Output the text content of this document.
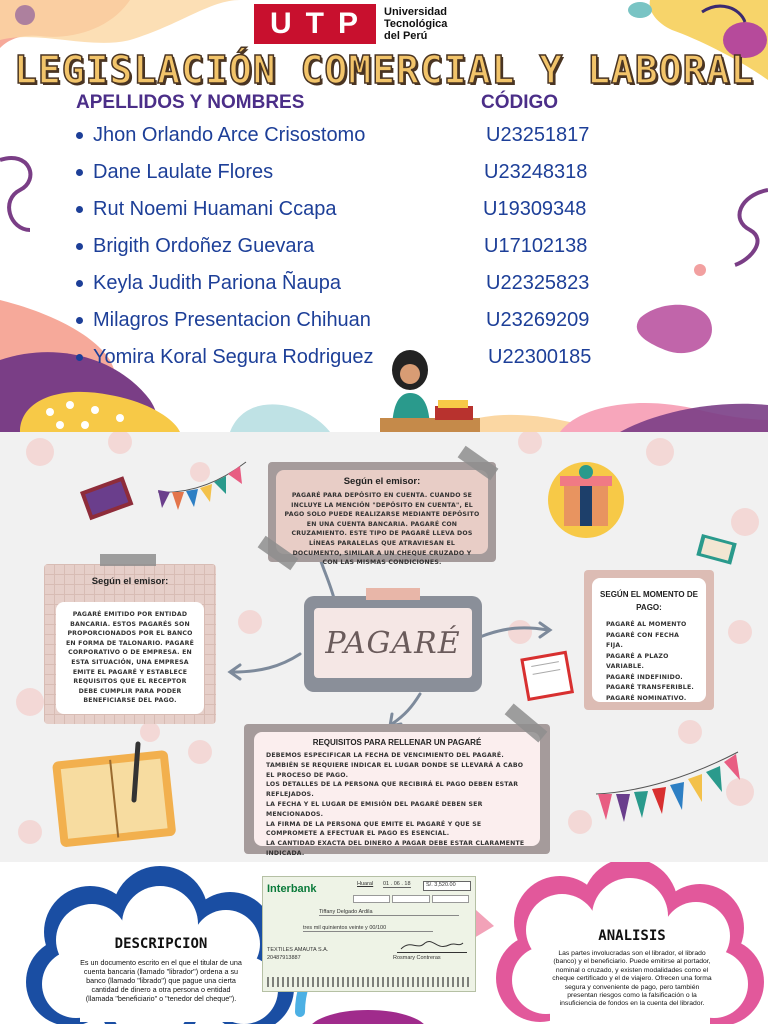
UTP	Universidad
Tecnológica
del Perú
LEGISLACIÓN COMERCIAL Y LABORAL
APELLIDOS Y NOMBRES	CÓDIGO
Jhon Orlando Arce Crisostomo	U23251817
Dane Laulate Flores	U23248318
Rut Noemi Huamani Ccapa	U19309348
Brigith Ordoñez Guevara	U17102138
Keyla Judith Pariona Ñaupa	U22325823
Milagros Presentacion Chihuan	U23269209
Yomira Koral Segura Rodriguez	U22300185
Según el emisor:
PAGARÉ PARA DEPÓSITO EN CUENTA. CUANDO SE INCLUYE LA MENCIÓN "DEPÓSITO EN CUENTA", EL PAGO SOLO PUEDE REALIZARSE MEDIANTE DEPÓSITO EN UNA CUENTA BANCARIA. PAGARÉ CON CRUZAMIENTO. ESTE TIPO DE PAGARÉ LLEVA DOS LÍNEAS PARALELAS QUE ATRAVIESAN EL DOCUMENTO, SIMILAR A UN CHEQUE CRUZADO Y CON LAS MISMAS CONDICIONES.
Según el emisor:
PAGARÉ EMITIDO POR ENTIDAD BANCARIA. ESTOS PAGARÉS SON PROPORCIONADOS POR EL BANCO EN FORMA DE TALONARIO. PAGARÉ CORPORATIVO O DE EMPRESA. EN ESTA SITUACIÓN, UNA EMPRESA EMITE EL PAGARÉ Y ESTABLECE REQUISITOS QUE EL RECEPTOR DEBE CUMPLIR PARA PODER BENEFICIARSE DEL PAGO.
PAGARÉ
SEGÚN EL MOMENTO DE PAGO:
PAGARÉ AL MOMENTO
PAGARÉ CON FECHA FIJA.
PAGARÉ A PLAZO VARIABLE.
PAGARÉ INDEFINIDO.
PAGARÉ TRANSFERIBLE.
PAGARÉ NOMINATIVO.
REQUISITOS PARA RELLENAR UN PAGARÉ
DEBEMOS ESPECIFICAR LA FECHA DE VENCIMIENTO DEL PAGARÉ.
TAMBIÉN SE REQUIERE INDICAR EL LUGAR DONDE SE LLEVARÁ A CABO EL PROCESO DE PAGO.
LOS DETALLES DE LA PERSONA QUE RECIBIRÁ EL PAGO DEBEN ESTAR REFLEJADOS.
LA FECHA Y EL LUGAR DE EMISIÓN DEL PAGARÉ DEBEN SER MENCIONADOS.
LA FIRMA DE LA PERSONA QUE EMITE EL PAGARÉ Y QUE SE COMPROMETE A EFECTUAR EL PAGO ES ESENCIAL.
LA CANTIDAD EXACTA DEL DINERO A PAGAR DEBE ESTAR CLARAMENTE INDICADA.
Interbank	Huaral 01 . 06 . 18	S/. 3,520.00
Tiffany Delgado Ardila
tres mil quinientos veinte y 00/100
TEXTILES AMAUTA S.A.
20487913887	Rosmary Contreras
DESCRIPCION
Es un documento escrito en el que el titular de una cuenta bancaria (llamado "librador") ordena a su banco (llamado "librado") que pague una cierta cantidad de dinero a otra persona o entidad (llamada "beneficiario" o "tenedor del cheque").
ANALISIS
Las partes involucradas son el librador, el librado (banco) y el beneficiario. Puede emitirse al portador, nominal o cruzado, y existen modalidades como el cheque certificado y el de viajero. Ofrecen una forma segura y conveniente de pago, pero también presentan riesgos como la falsificación o la insuficiencia de fondos en la cuenta del librador.
